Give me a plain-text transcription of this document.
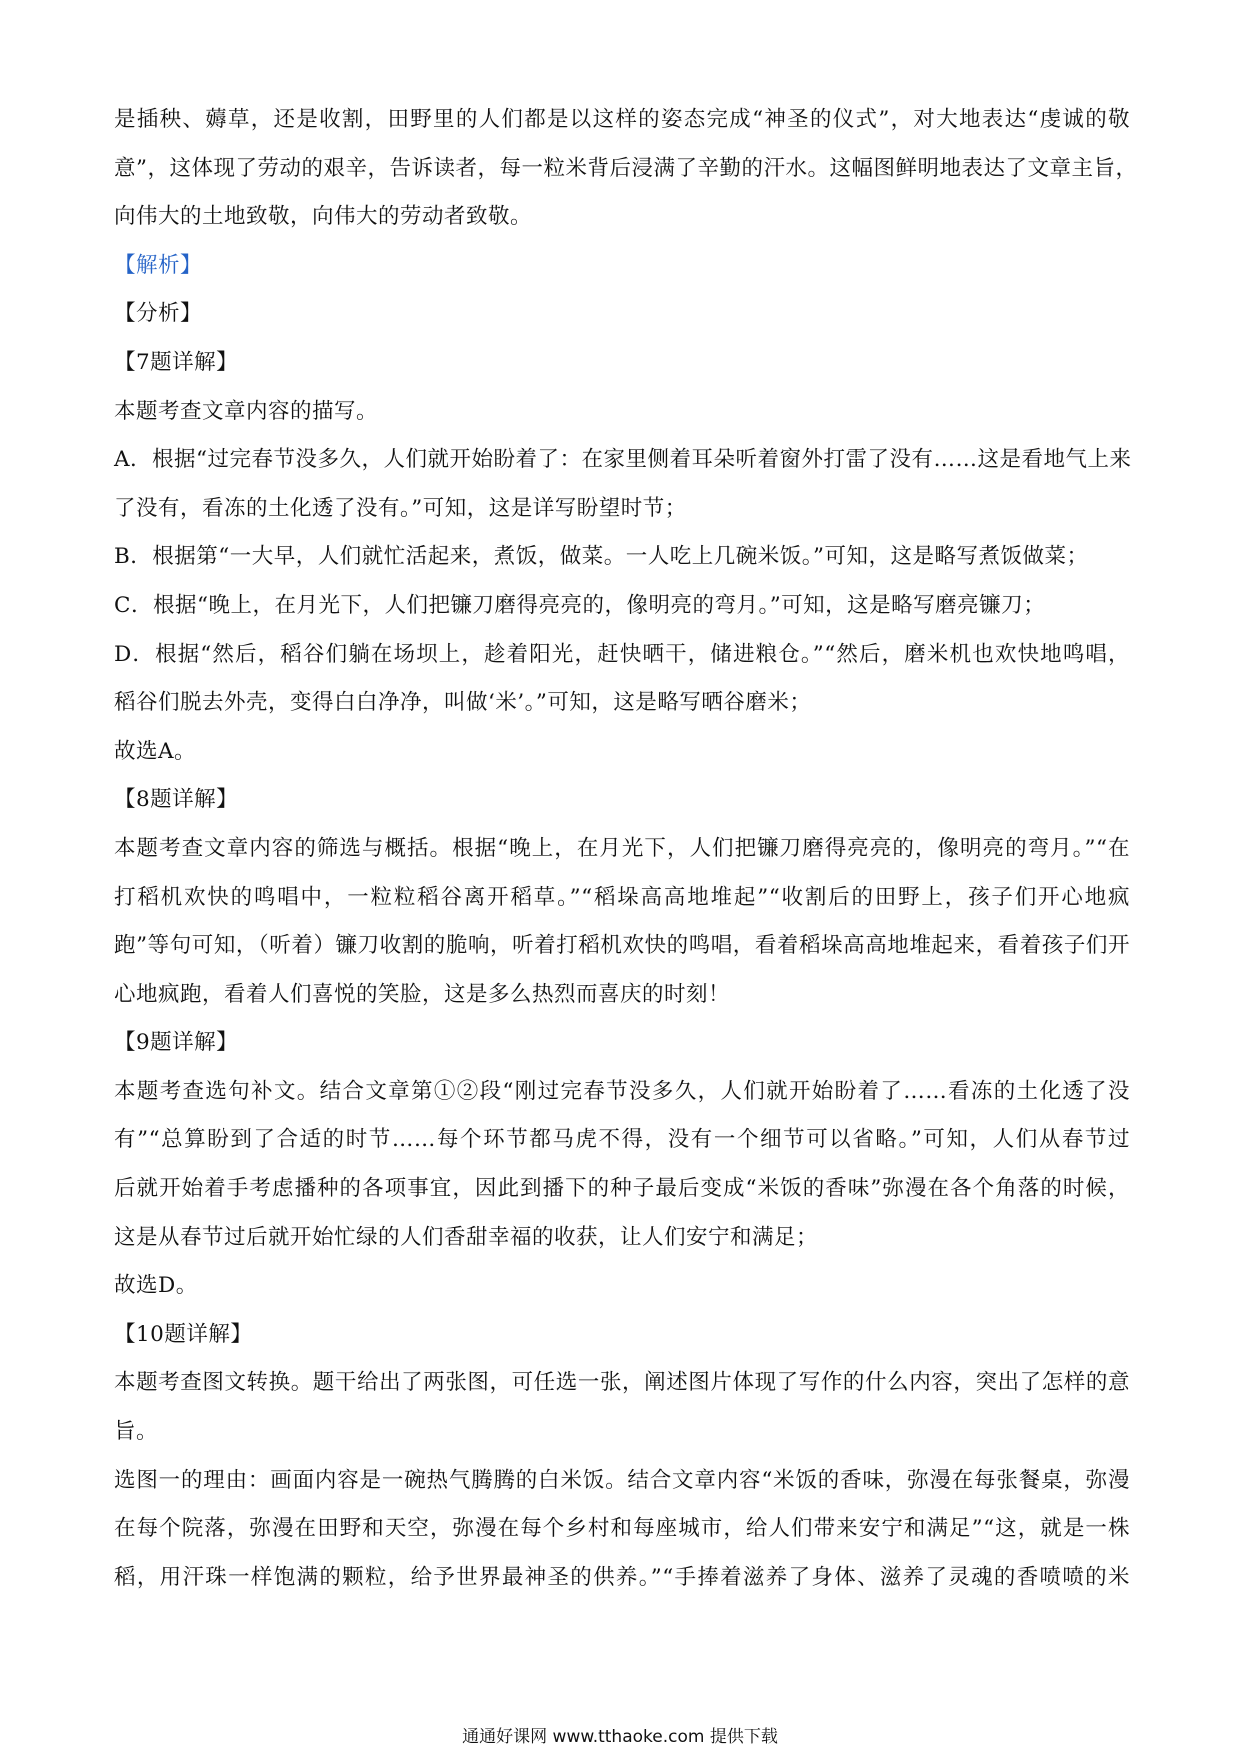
是插秧、薅草，还是收割，田野里的人们都是以这样的姿态完成“神圣的仪式”，对大地表达“虔诚的敬
意”，这体现了劳动的艰辛，告诉读者，每一粒米背后浸满了辛勤的汗水。这幅图鲜明地表达了文章主旨，
向伟大的土地致敬，向伟大的劳动者致敬。
【解析】
【分析】
【7题详解】
本题考查文章内容的描写。
A．根据“过完春节没多久，人们就开始盼着了：在家里侧着耳朵听着窗外打雷了没有……这是看地气上来
了没有，看冻的土化透了没有。”可知，这是详写盼望时节；
B．根据第“一大早，人们就忙活起来，煮饭，做菜。一人吃上几碗米饭。”可知，这是略写煮饭做菜；
C．根据“晚上，在月光下，人们把镰刀磨得亮亮的，像明亮的弯月。”可知，这是略写磨亮镰刀；
D．根据“然后，稻谷们躺在场坝上，趁着阳光，赶快晒干，储进粮仓。”“然后，磨米机也欢快地鸣唱，
稻谷们脱去外壳，变得白白净净，叫做‘米’。”可知，这是略写晒谷磨米；
故选A。
【8题详解】
本题考查文章内容的筛选与概括。根据“晚上，在月光下，人们把镰刀磨得亮亮的，像明亮的弯月。”“在
打稻机欢快的鸣唱中，一粒粒稻谷离开稻草。”“稻垛高高地堆起”“收割后的田野上，孩子们开心地疯
跑”等句可知，（听着）镰刀收割的脆响，听着打稻机欢快的鸣唱，看着稻垛高高地堆起来，看着孩子们开
心地疯跑，看着人们喜悦的笑脸，这是多么热烈而喜庆的时刻！
【9题详解】
本题考查选句补文。结合文章第①②段“刚过完春节没多久，人们就开始盼着了……看冻的土化透了没
有”“总算盼到了合适的时节……每个环节都马虎不得，没有一个细节可以省略。”可知，人们从春节过
后就开始着手考虑播种的各项事宜，因此到播下的种子最后变成“米饭的香味”弥漫在各个角落的时候，
这是从春节过后就开始忙绿的人们香甜幸福的收获，让人们安宁和满足；
故选D。
【10题详解】
本题考查图文转换。题干给出了两张图，可任选一张，阐述图片体现了写作的什么内容，突出了怎样的意
旨。
选图一的理由：画面内容是一碗热气腾腾的白米饭。结合文章内容“米饭的香味，弥漫在每张餐桌，弥漫
在每个院落，弥漫在田野和天空，弥漫在每个乡村和每座城市，给人们带来安宁和满足”“这，就是一株
稻，用汗珠一样饱满的颗粒，给予世界最神圣的供养。”“手捧着滋养了身体、滋养了灵魂的香喷喷的米
通通好课网 www.tthaoke.com 提供下载
